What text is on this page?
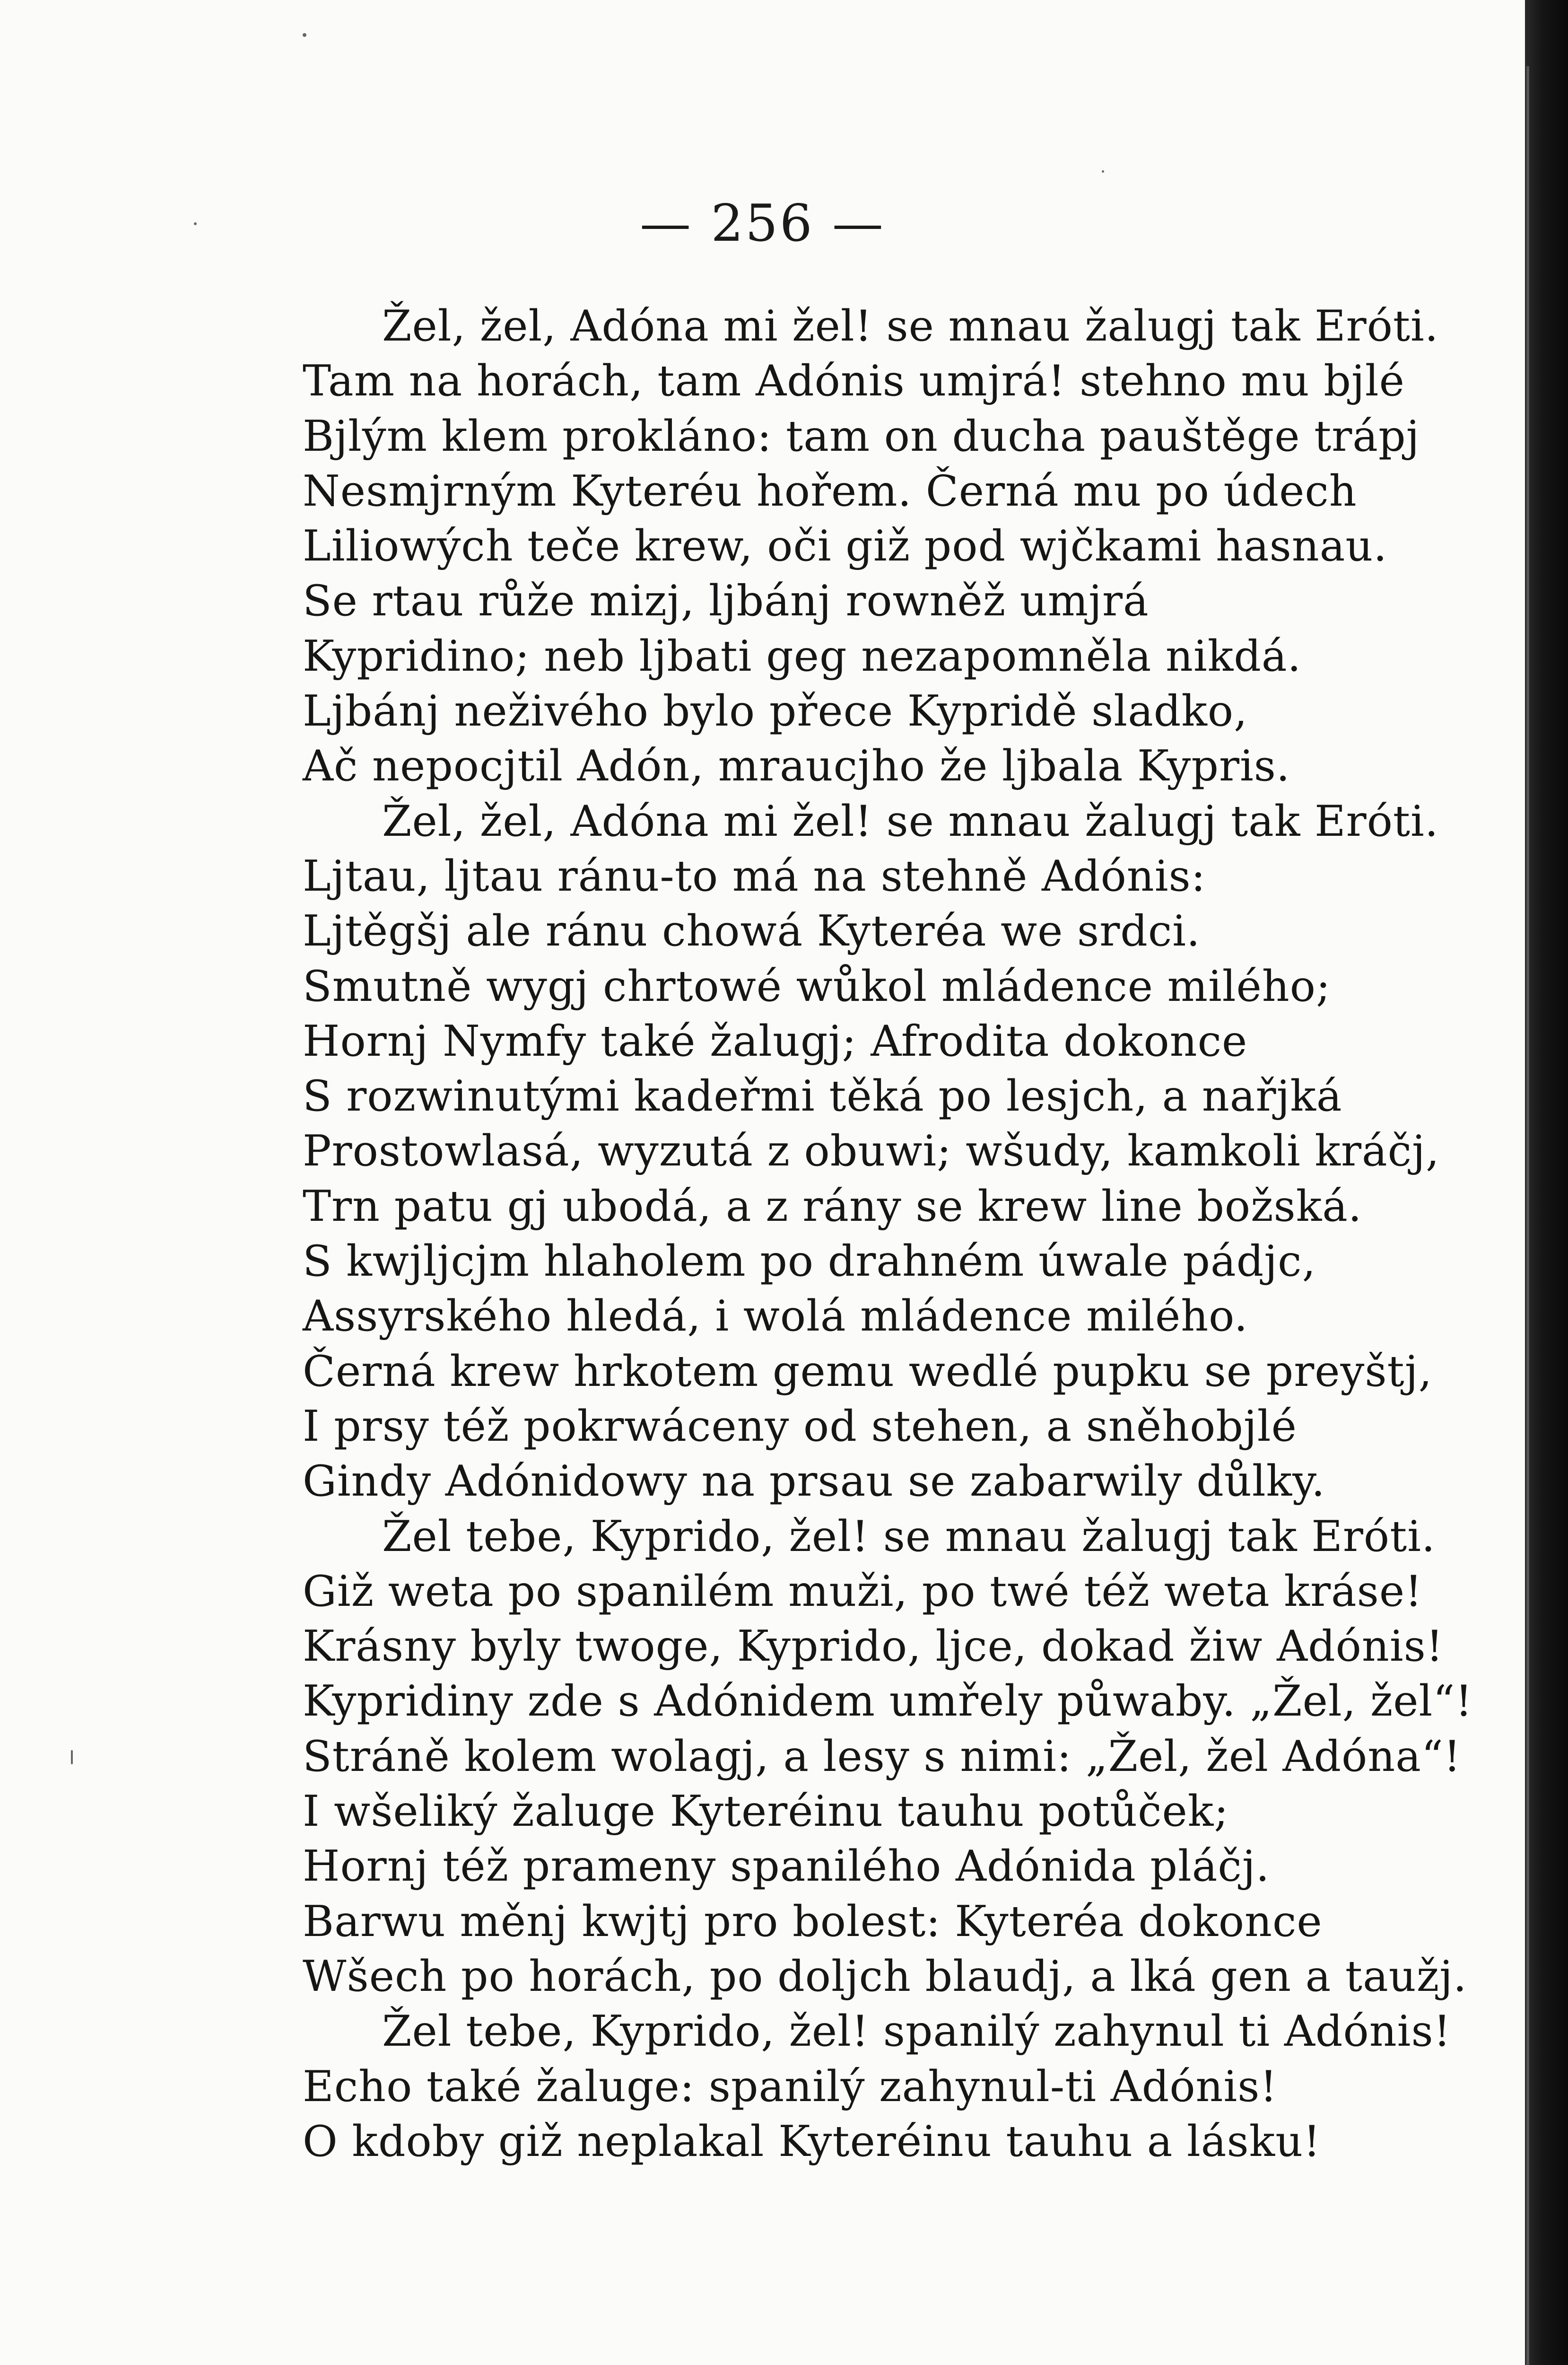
— 256 —
Žel, žel, Adóna mi žel! se mnau žalugj tak Eróti.
Tam na horách, tam Adónis umjrá! stehno mu bjlé
Bjlým klem prokláno: tam on ducha pauštěge trápj
Nesmjrným Kyteréu hořem. Černá mu po údech
Liliowých teče krew, oči giž pod wjčkami hasnau.
Se rtau růže mizj, ljbánj rowněž umjrá
Kypridino; neb ljbati geg nezapomněla nikdá.
Ljbánj neživého bylo přece Kypridě sladko,
Ač nepocjtil Adón, mraucjho že ljbala Kypris.
Žel, žel, Adóna mi žel! se mnau žalugj tak Eróti.
Ljtau, ljtau ránu-to má na stehně Adónis:
Ljtěgšj ale ránu chowá Kyteréa we srdci.
Smutně wygj chrtowé wůkol mládence milého;
Hornj Nymfy také žalugj; Afrodita dokonce
S rozwinutými kadeřmi těká po lesjch, a nařjká
Prostowlasá, wyzutá z obuwi; wšudy, kamkoli kráčj,
Trn patu gj ubodá, a z rány se krew line božská.
S kwjljcjm hlaholem po drahném úwale pádjc,
Assyrského hledá, i wolá mládence milého.
Černá krew hrkotem gemu wedlé pupku se preyštj,
I prsy též pokrwáceny od stehen, a sněhobjlé
Gindy Adónidowy na prsau se zabarwily důlky.
Žel tebe, Kyprido, žel! se mnau žalugj tak Eróti.
Giž weta po spanilém muži, po twé též weta kráse!
Krásny byly twoge, Kyprido, ljce, dokad žiw Adónis!
Kypridiny zde s Adónidem umřely půwaby. „Žel, žel“!
Stráně kolem wolagj, a lesy s nimi: „Žel, žel Adóna“!
I wšeliký žaluge Kyteréinu tauhu potůček;
Hornj též prameny spanilého Adónida pláčj.
Barwu měnj kwjtj pro bolest: Kyteréa dokonce
Wšech po horách, po doljch blaudj, a lká gen a taužj.
Žel tebe, Kyprido, žel! spanilý zahynul ti Adónis!
Echo také žaluge: spanilý zahynul-ti Adónis!
O kdoby giž neplakal Kyteréinu tauhu a lásku!
